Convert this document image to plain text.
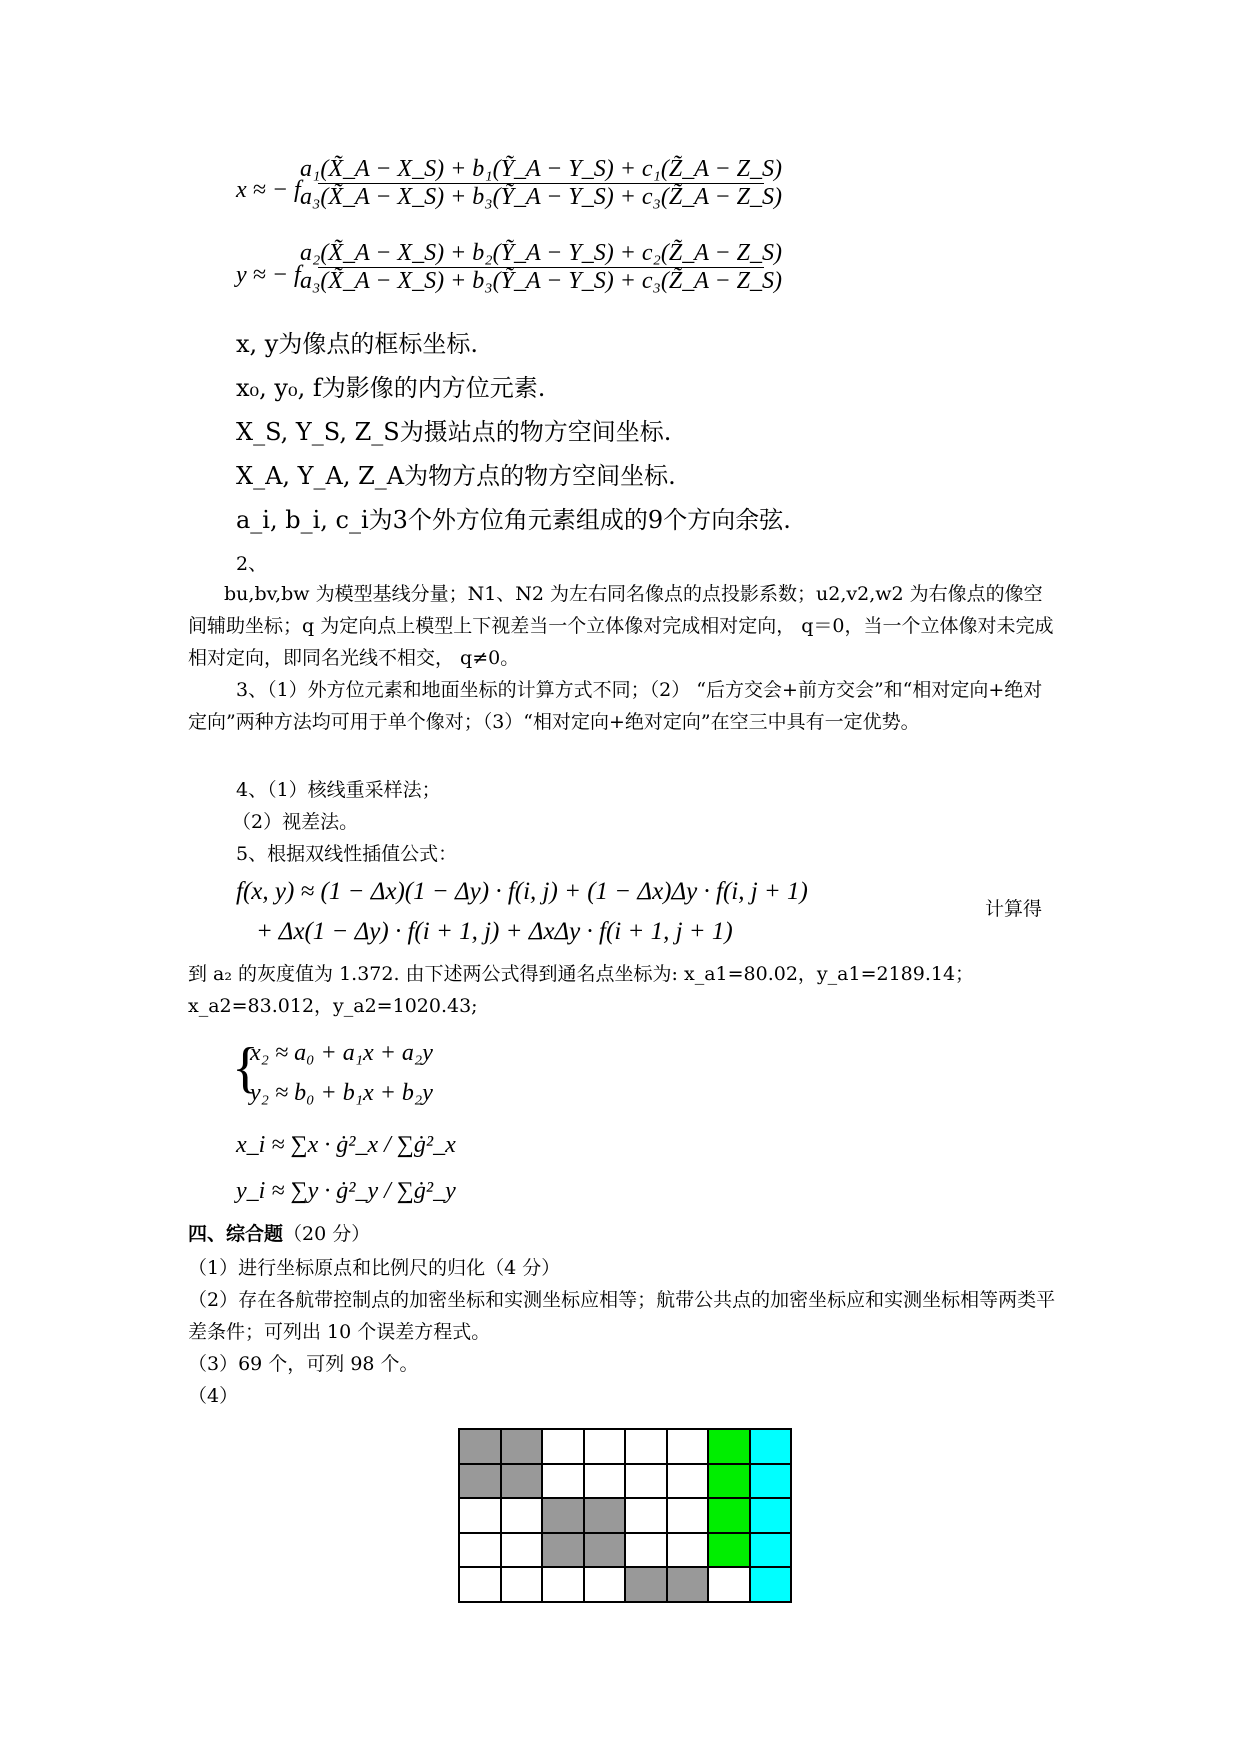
x ≈ − f
a₁(X̃_A − X_S) + b₁(Ỹ_A − Y_S) + c₁(Z̃_A − Z_S)
a₃(X̃_A − X_S) + b₃(Ỹ_A − Y_S) + c₃(Z̃_A − Z_S)
y ≈ − f
a₂(X̃_A − X_S) + b₂(Ỹ_A − Y_S) + c₂(Z̃_A − Z_S)
a₃(X̃_A − X_S) + b₃(Ỹ_A − Y_S) + c₃(Z̃_A − Z_S)
x, y为像点的框标坐标.
x₀, y₀, f为影像的内方位元素.
X_S, Y_S, Z_S为摄站点的物方空间坐标.
X_A, Y_A, Z_A为物方点的物方空间坐标.
a_i, b_i, c_i为3个外方位角元素组成的9个方向余弦.
2、
bu,bv,bw 为模型基线分量；N1、N2 为左右同名像点的点投影系数；u2,v2,w2 为右像点的像空间辅助坐标；q 为定向点上模型上下视差当一个立体像对完成相对定向， q＝0，当一个立体像对未完成相对定向，即同名光线不相交， q≠0。
3、（1）外方位元素和地面坐标的计算方式不同；（2） “后方交会+前方交会”和“相对定向+绝对定向”两种方法均可用于单个像对；（3）“相对定向+绝对定向”在空三中具有一定优势。
4、（1）核线重采样法；
（2）视差法。
5、根据双线性插值公式：
f(x, y) ≈ (1 − Δx)(1 − Δy) · f(i, j) + (1 − Δx)Δy · f(i, j + 1)
+ Δx(1 − Δy) · f(i + 1, j) + ΔxΔy · f(i + 1, j + 1)
计算得
到 a₂ 的灰度值为 1.372. 由下述两公式得到通名点坐标为: x_a1=80.02，y_a1=2189.14；x_a2=83.012，y_a2=1020.43;
{
x₂ ≈ a₀ + a₁x + a₂y
y₂ ≈ b₀ + b₁x + b₂y
x_i ≈ ∑x · ġ²_x / ∑ġ²_x
y_i ≈ ∑y · ġ²_y / ∑ġ²_y
四、综合题（20 分）
（1）进行坐标原点和比例尺的归化（4 分）
（2）存在各航带控制点的加密坐标和实测坐标应相等；航带公共点的加密坐标应和实测坐标相等两类平差条件；可列出 10 个误差方程式。
（3）69 个，可列 98 个。
（4）
